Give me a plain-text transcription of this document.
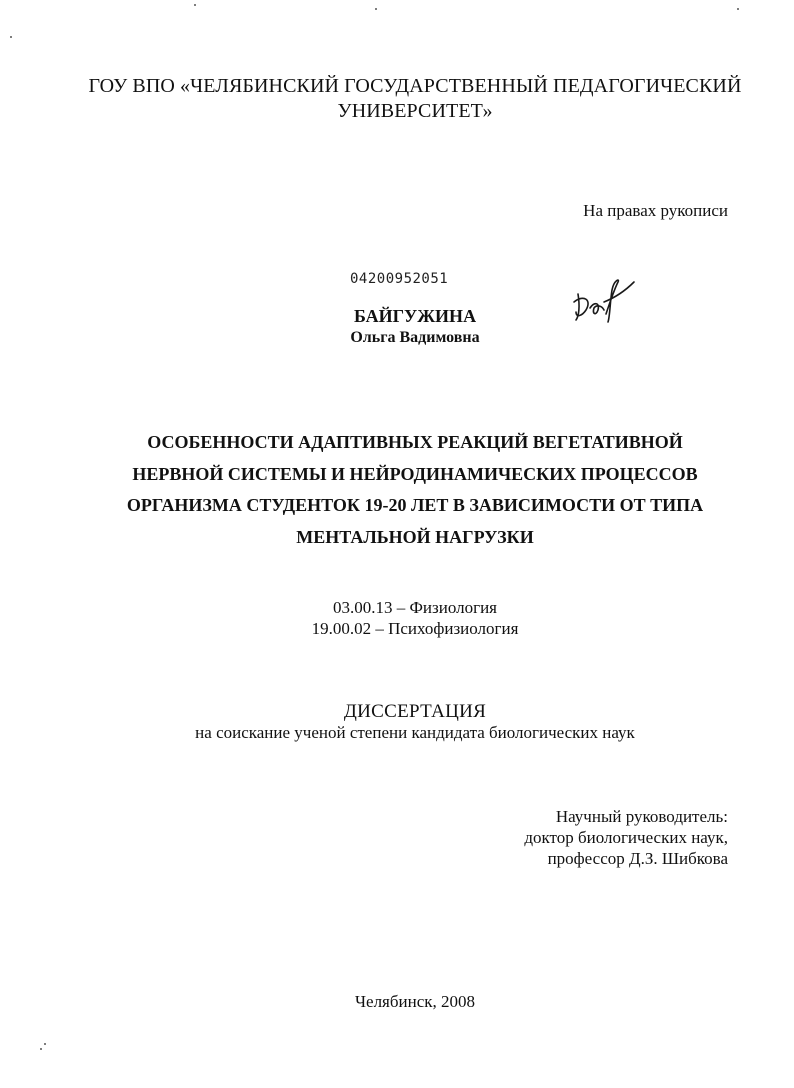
ГОУ ВПО «ЧЕЛЯБИНСКИЙ ГОСУДАРСТВЕННЫЙ ПЕДАГОГИЧЕСКИЙ
УНИВЕРСИТЕТ»
На правах рукописи
04200952051
БАЙГУЖИНА
Ольга Вадимовна
ОСОБЕННОСТИ АДАПТИВНЫХ РЕАКЦИЙ ВЕГЕТАТИВНОЙ
НЕРВНОЙ СИСТЕМЫ И НЕЙРОДИНАМИЧЕСКИХ ПРОЦЕССОВ
ОРГАНИЗМА СТУДЕНТОК 19-20 ЛЕТ В ЗАВИСИМОСТИ ОТ ТИПА
МЕНТАЛЬНОЙ НАГРУЗКИ
03.00.13 – Физиология
19.00.02 – Психофизиология
ДИССЕРТАЦИЯ
на соискание ученой степени кандидата биологических наук
Научный руководитель:
доктор биологических наук,
профессор Д.З. Шибкова
Челябинск, 2008
